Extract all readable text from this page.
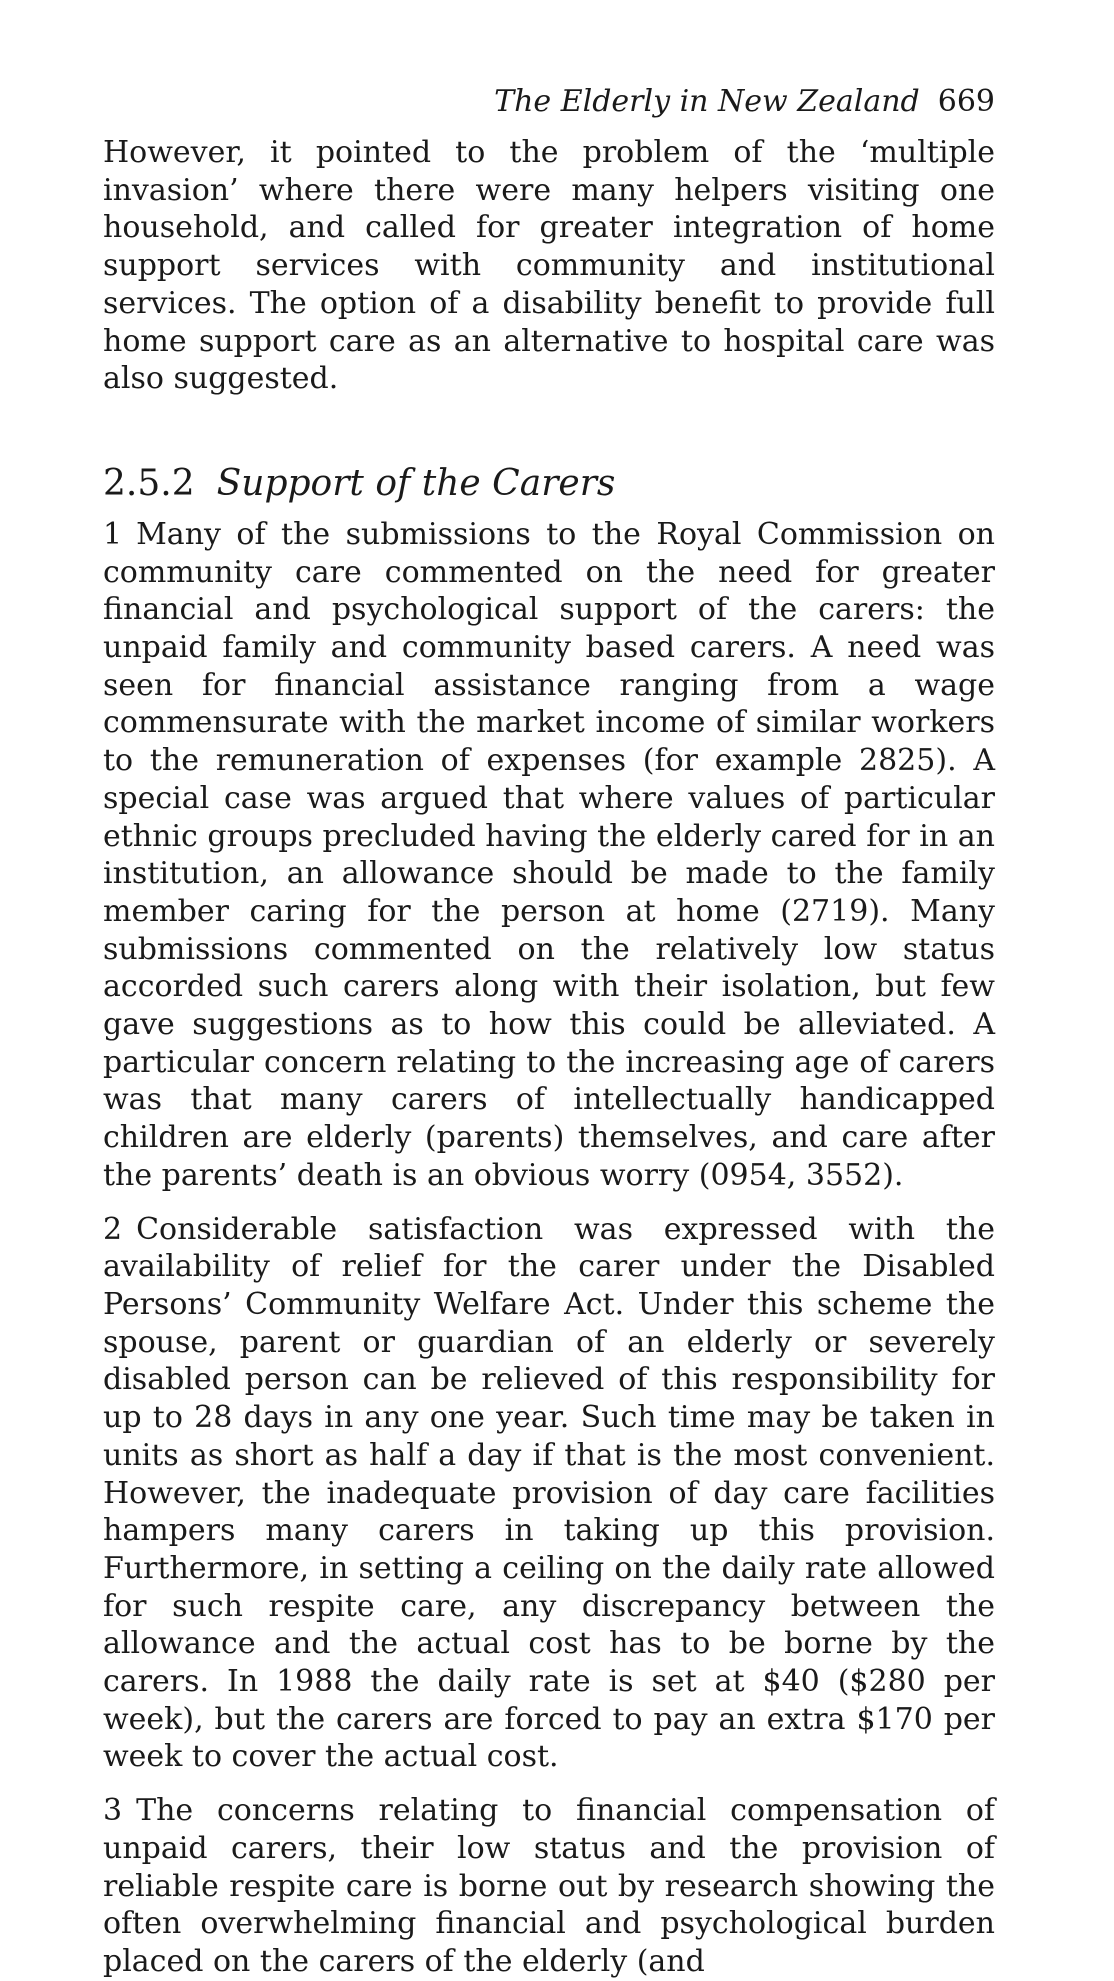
The Elderly in New Zealand 669

However, it pointed to the problem of the ‘multiple invasion’ where there were many helpers visiting one household, and called for greater integration of home support services with community and institutional services. The option of a disability benefit to provide full home support care as an alternative to hospital care was also suggested.

2.5.2 Support of the Carers

1 Many of the submissions to the Royal Commission on community care commented on the need for greater financial and psychological support of the carers: the unpaid family and community based carers. A need was seen for financial assistance ranging from a wage commensurate with the market income of similar workers to the remuneration of expenses (for example 2825). A special case was argued that where values of particular ethnic groups precluded having the elderly cared for in an institution, an allowance should be made to the family member caring for the person at home (2719). Many submissions commented on the relatively low status accorded such carers along with their isolation, but few gave suggestions as to how this could be alleviated. A particular concern relating to the increasing age of carers was that many carers of intellectually handicapped children are elderly (parents) themselves, and care after the parents’ death is an obvious worry (0954, 3552).

2 Considerable satisfaction was expressed with the availability of relief for the carer under the Disabled Persons’ Community Welfare Act. Under this scheme the spouse, parent or guardian of an elderly or severely disabled person can be relieved of this responsibility for up to 28 days in any one year. Such time may be taken in units as short as half a day if that is the most convenient. However, the inadequate provision of day care facilities hampers many carers in taking up this provision. Furthermore, in setting a ceiling on the daily rate allowed for such respite care, any discrepancy between the allowance and the actual cost has to be borne by the carers. In 1988 the daily rate is set at $40 ($280 per week), but the carers are forced to pay an extra $170 per week to cover the actual cost.

3 The concerns relating to financial compensation of unpaid carers, their low status and the provision of reliable respite care is borne out by research showing the often overwhelming financial and psychological burden placed on the carers of the elderly (and
